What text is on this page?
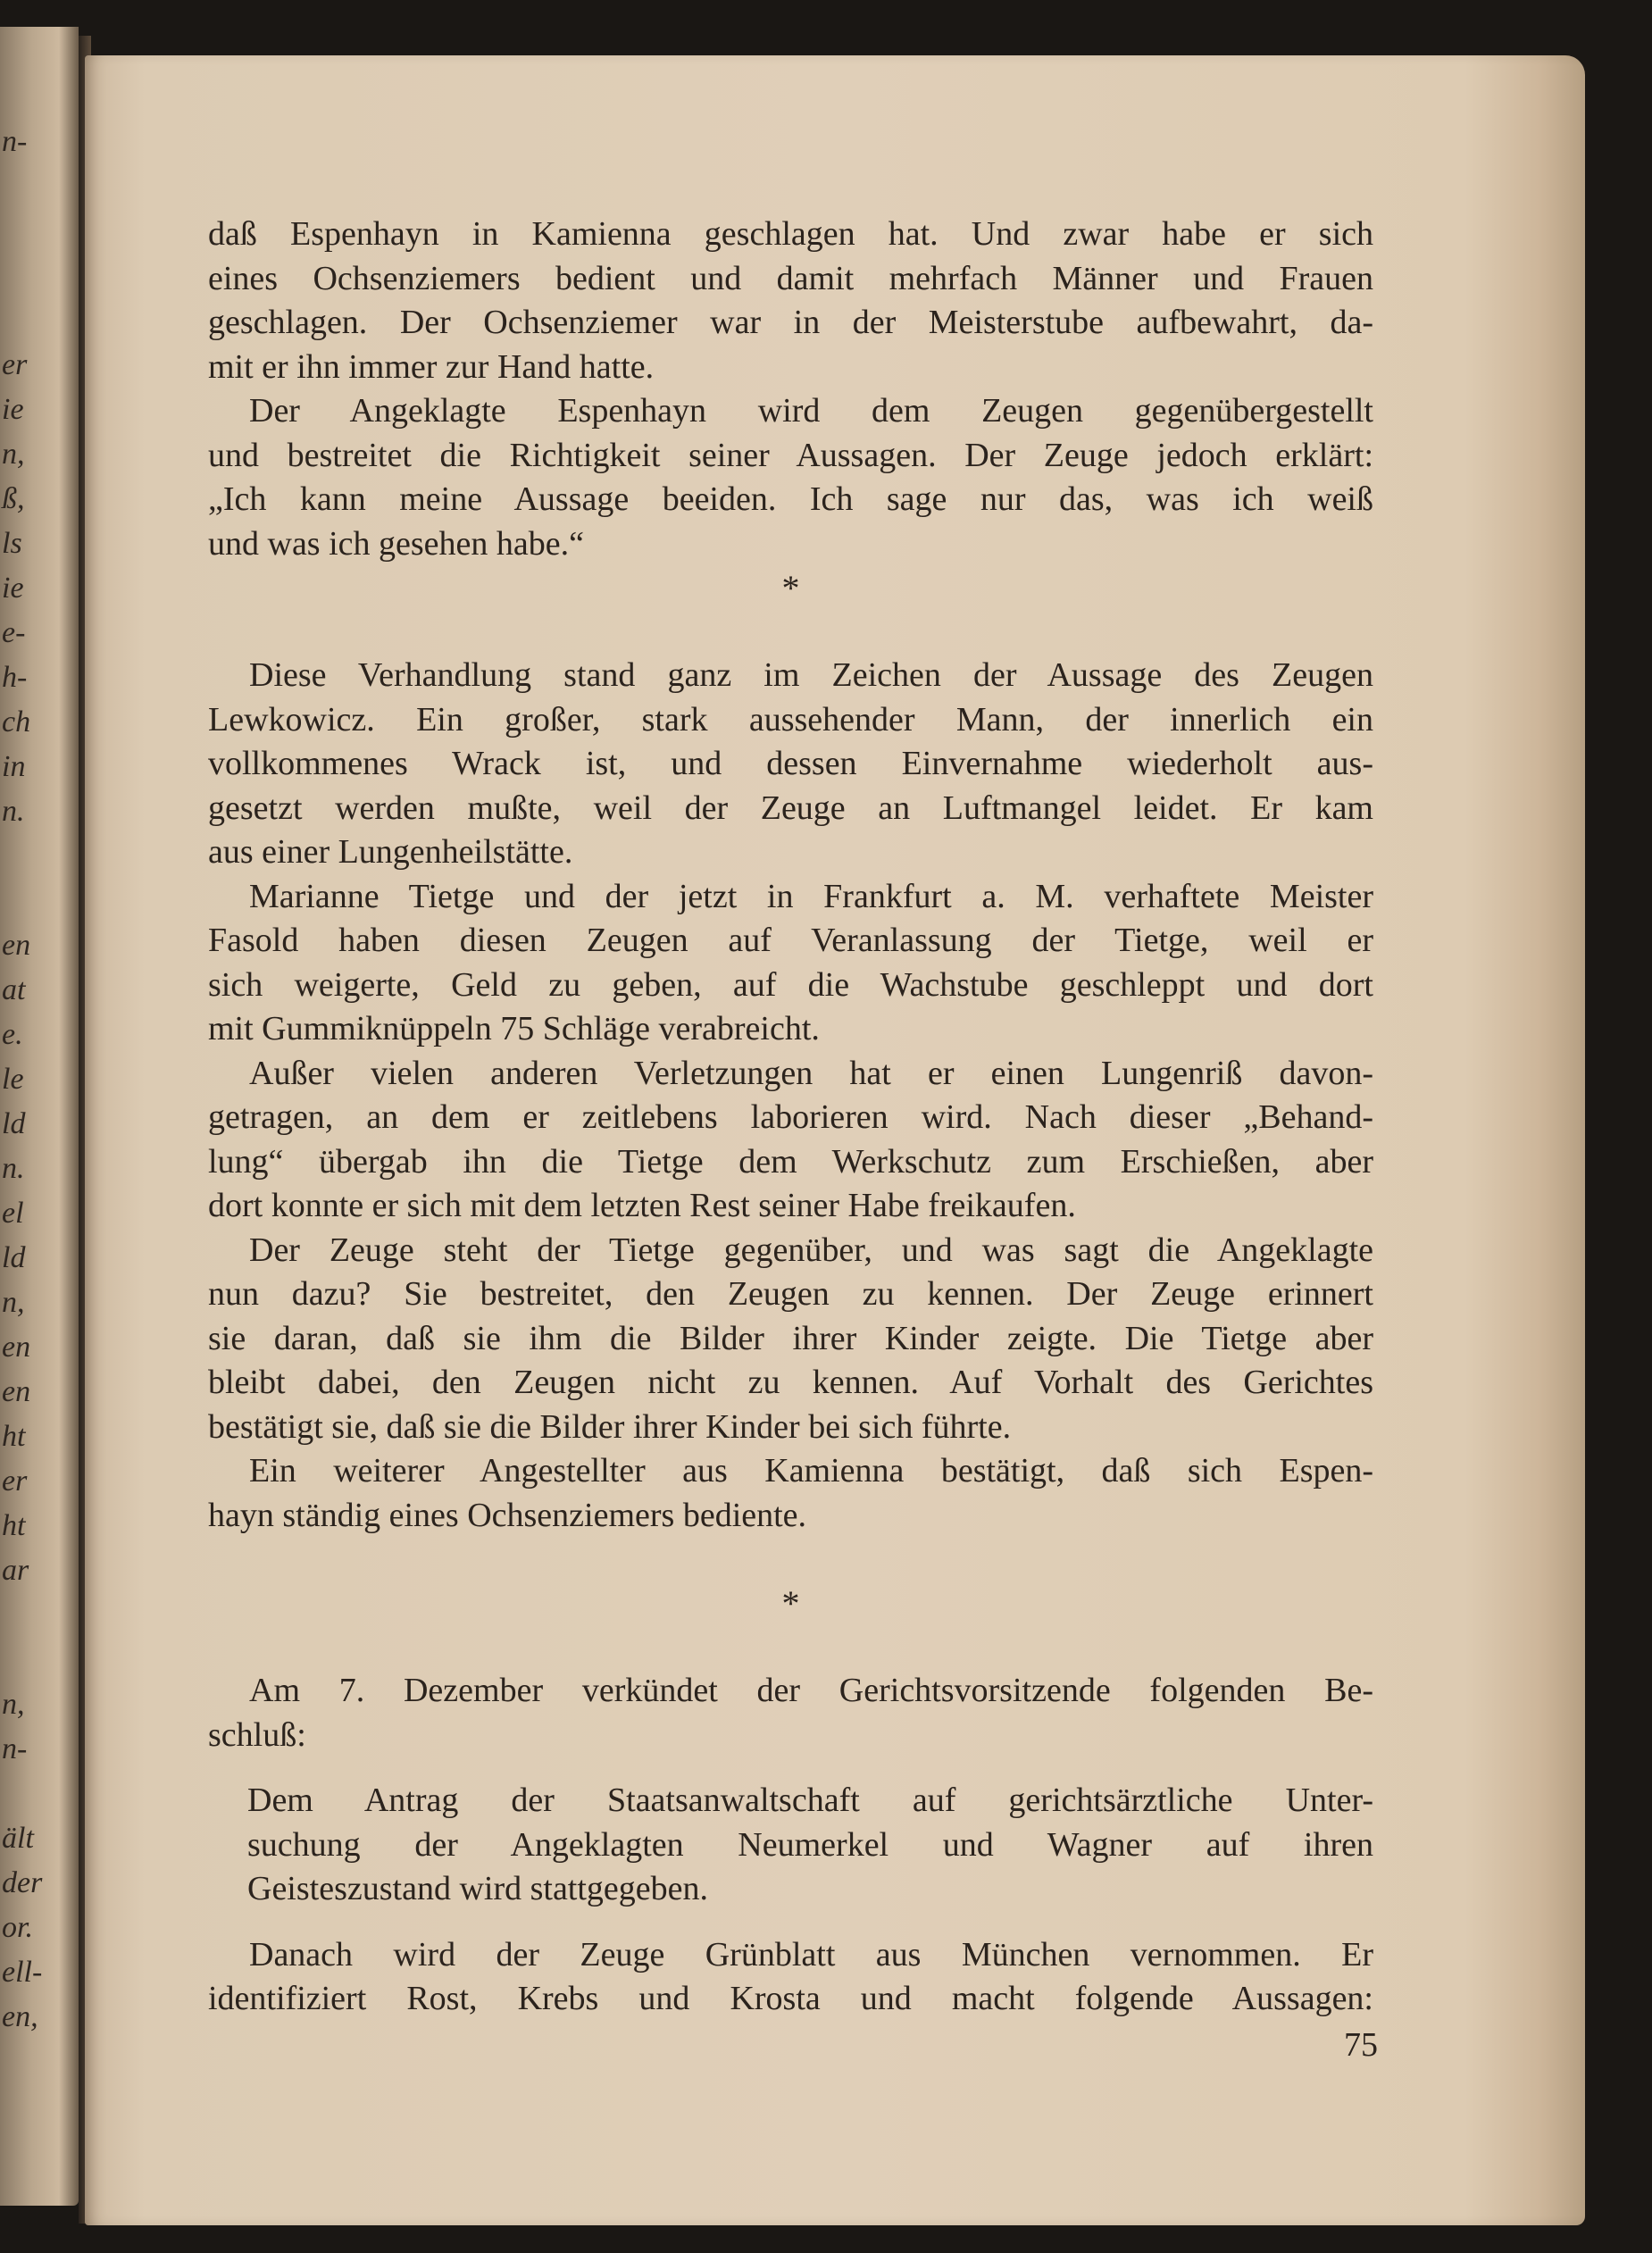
n-
er
ie
n,
ß,
ls
ie
e-
h-
ch
in
n.
en
at
e.
le
ld
n.
el
ld
n,
en
en
ht
er
ht
ar
n,
n-
ält
der
or.
ell-
en,
daß Espenhayn in Kamienna geschlagen hat. Und zwar habe er sich
eines Ochsenziemers bedient und damit mehrfach Männer und Frauen
geschlagen. Der Ochsenziemer war in der Meisterstube aufbewahrt, da-
mit er ihn immer zur Hand hatte.
Der Angeklagte Espenhayn wird dem Zeugen gegenübergestellt
und bestreitet die Richtigkeit seiner Aussagen. Der Zeuge jedoch erklärt:
„Ich kann meine Aussage beeiden. Ich sage nur das, was ich weiß
und was ich gesehen habe.“
*
Diese Verhandlung stand ganz im Zeichen der Aussage des Zeugen
Lewkowicz. Ein großer, stark aussehender Mann, der innerlich ein
vollkommenes Wrack ist, und dessen Einvernahme wiederholt aus-
gesetzt werden mußte, weil der Zeuge an Luftmangel leidet. Er kam
aus einer Lungenheilstätte.
Marianne Tietge und der jetzt in Frankfurt a. M. verhaftete Meister
Fasold haben diesen Zeugen auf Veranlassung der Tietge, weil er
sich weigerte, Geld zu geben, auf die Wachstube geschleppt und dort
mit Gummiknüppeln 75 Schläge verabreicht.
Außer vielen anderen Verletzungen hat er einen Lungenriß davon-
getragen, an dem er zeitlebens laborieren wird. Nach dieser „Behand-
lung“ übergab ihn die Tietge dem Werkschutz zum Erschießen, aber
dort konnte er sich mit dem letzten Rest seiner Habe freikaufen.
Der Zeuge steht der Tietge gegenüber, und was sagt die Angeklagte
nun dazu? Sie bestreitet, den Zeugen zu kennen. Der Zeuge erinnert
sie daran, daß sie ihm die Bilder ihrer Kinder zeigte. Die Tietge aber
bleibt dabei, den Zeugen nicht zu kennen. Auf Vorhalt des Gerichtes
bestätigt sie, daß sie die Bilder ihrer Kinder bei sich führte.
Ein weiterer Angestellter aus Kamienna bestätigt, daß sich Espen-
hayn ständig eines Ochsenziemers bediente.
*
Am 7. Dezember verkündet der Gerichtsvorsitzende folgenden Be-
schluß:
Dem Antrag der Staatsanwaltschaft auf gerichtsärztliche Unter-
suchung der Angeklagten Neumerkel und Wagner auf ihren
Geisteszustand wird stattgegeben.
Danach wird der Zeuge Grünblatt aus München vernommen. Er
identifiziert Rost, Krebs und Krosta und macht folgende Aussagen:
75
